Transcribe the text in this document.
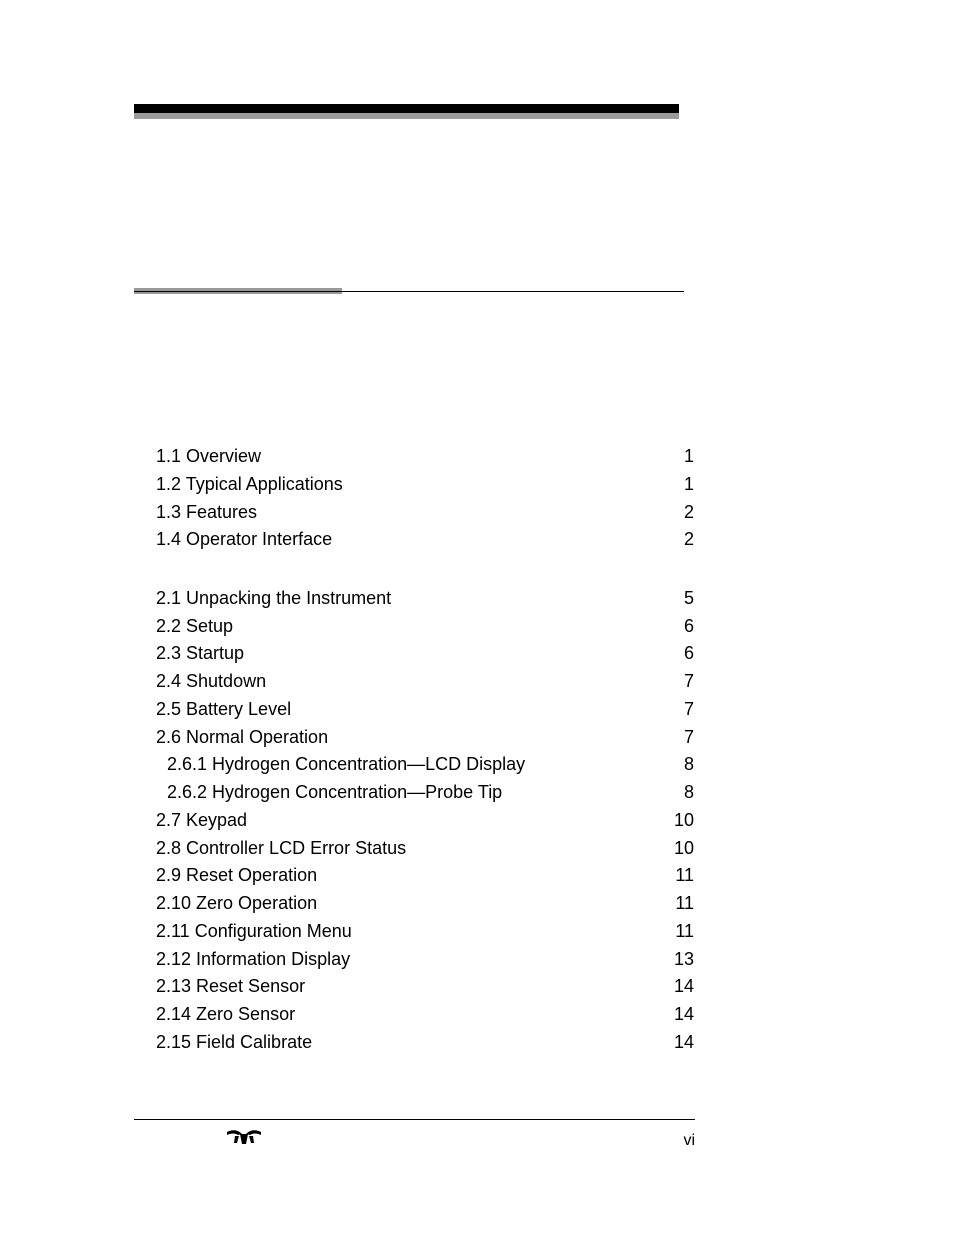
1.1 Overview	1
1.2 Typical Applications	1
1.3 Features	2
1.4 Operator Interface	2
2.1 Unpacking the Instrument	5
2.2 Setup	6
2.3 Startup	6
2.4 Shutdown	7
2.5 Battery Level	7
2.6 Normal Operation	7
2.6.1 Hydrogen Concentration—LCD Display	8
2.6.2 Hydrogen Concentration—Probe Tip	8
2.7 Keypad	10
2.8 Controller LCD Error Status	10
2.9 Reset Operation	11
2.10 Zero Operation	11
2.11 Configuration Menu	11
2.12 Information Display	13
2.13 Reset Sensor	14
2.14 Zero Sensor	14
2.15 Field Calibrate	14
vi
